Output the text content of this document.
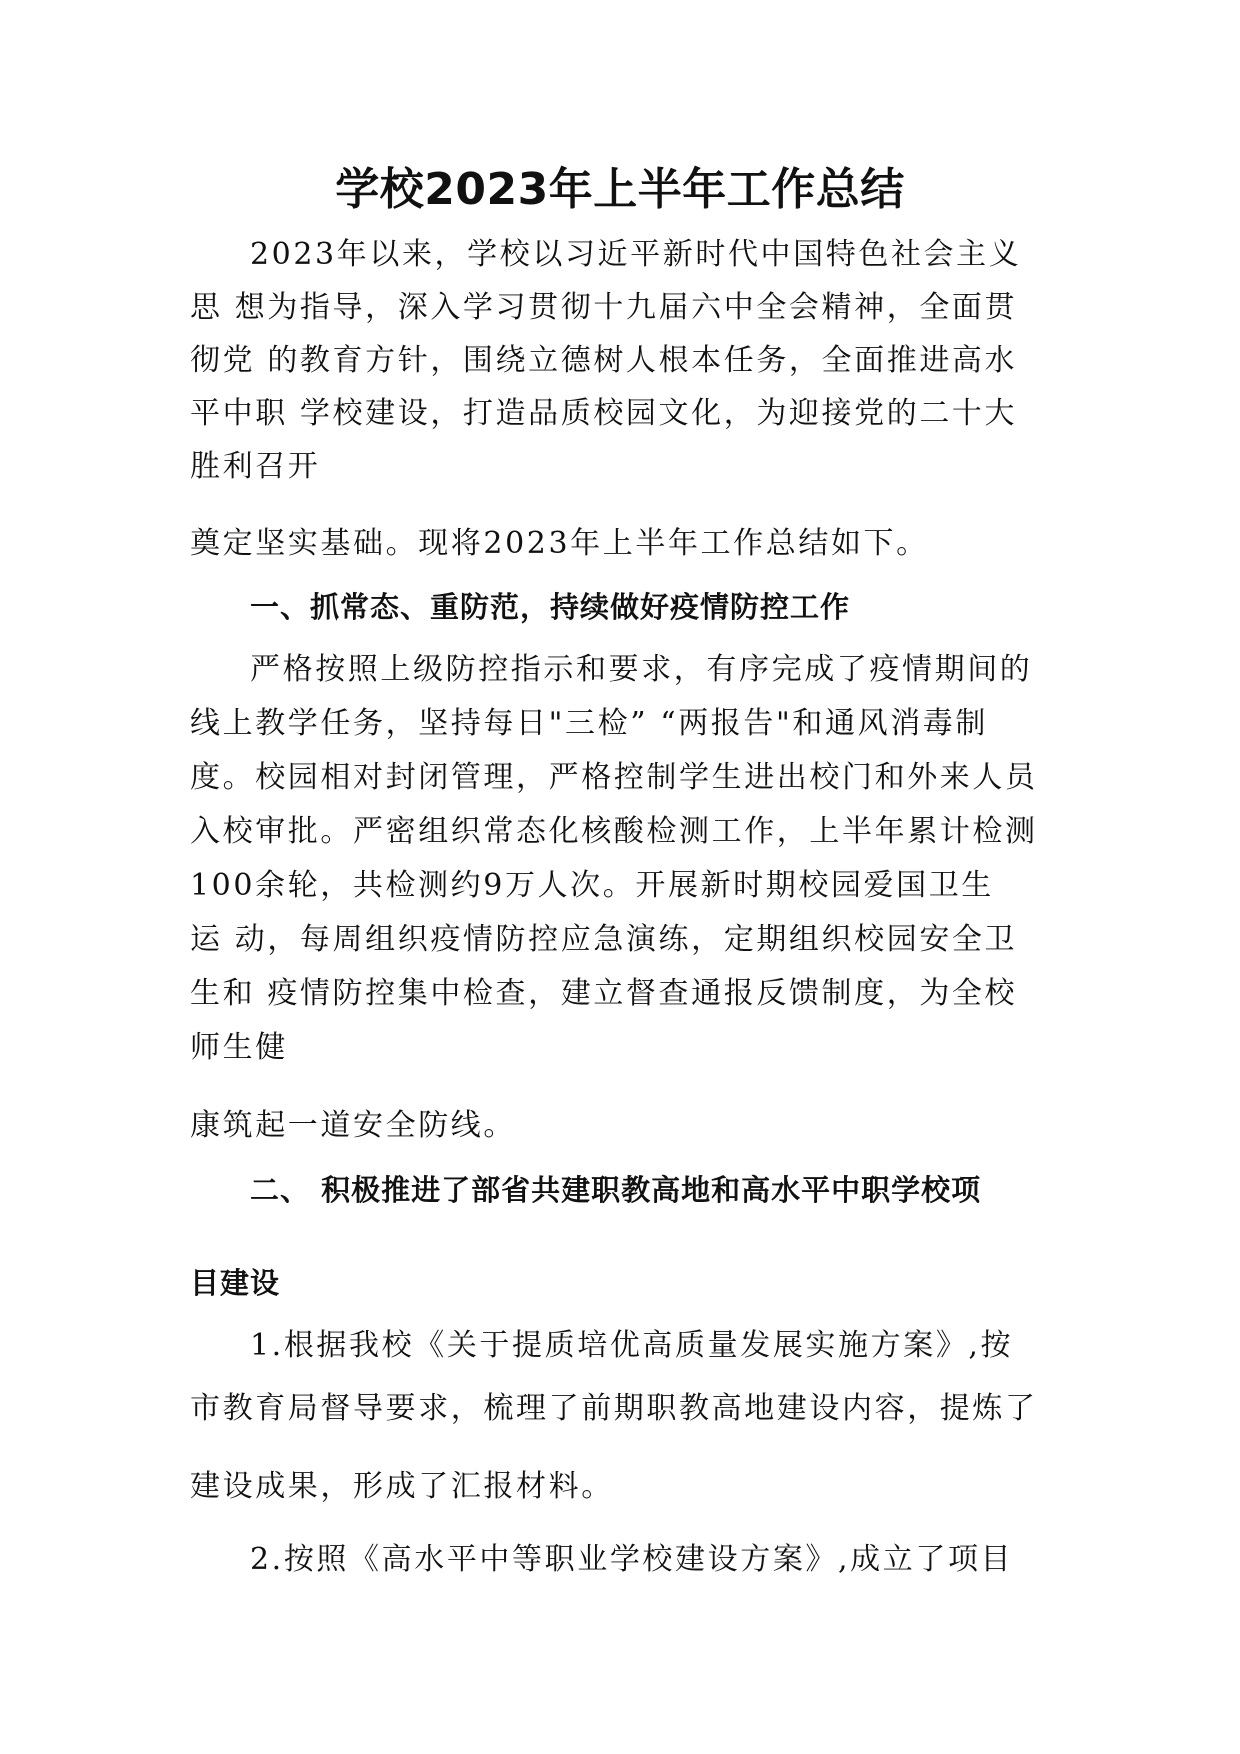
学校2023年上半年工作总结
2023年以来，学校以习近平新时代中国特色社会主义
思 想为指导，深入学习贯彻十九届六中全会精神，全面贯
彻党 的教育方针，围绕立德树人根本任务，全面推进高水
平中职 学校建设，打造品质校园文化，为迎接党的二十大
胜利召开
奠定坚实基础。现将2023年上半年工作总结如下。
一、抓常态、重防范，持续做好疫情防控工作
严格按照上级防控指示和要求，有序完成了疫情期间的
线上教学任务，坚持每日"三检” “两报告"和通风消毒制
度。校园相对封闭管理，严格控制学生进出校门和外来人员
入校审批。严密组织常态化核酸检测工作，上半年累计检测
100余轮，共检测约9万人次。开展新时期校园爱国卫生
运 动，每周组织疫情防控应急演练，定期组织校园安全卫
生和 疫情防控集中检查，建立督查通报反馈制度，为全校
师生健
康筑起一道安全防线。
二、 积极推进了部省共建职教高地和高水平中职学校项
目建设
1.根据我校《关于提质培优高质量发展实施方案》,按
市教育局督导要求，梳理了前期职教高地建设内容，提炼了
建设成果，形成了汇报材料。
2.按照《高水平中等职业学校建设方案》,成立了项目
